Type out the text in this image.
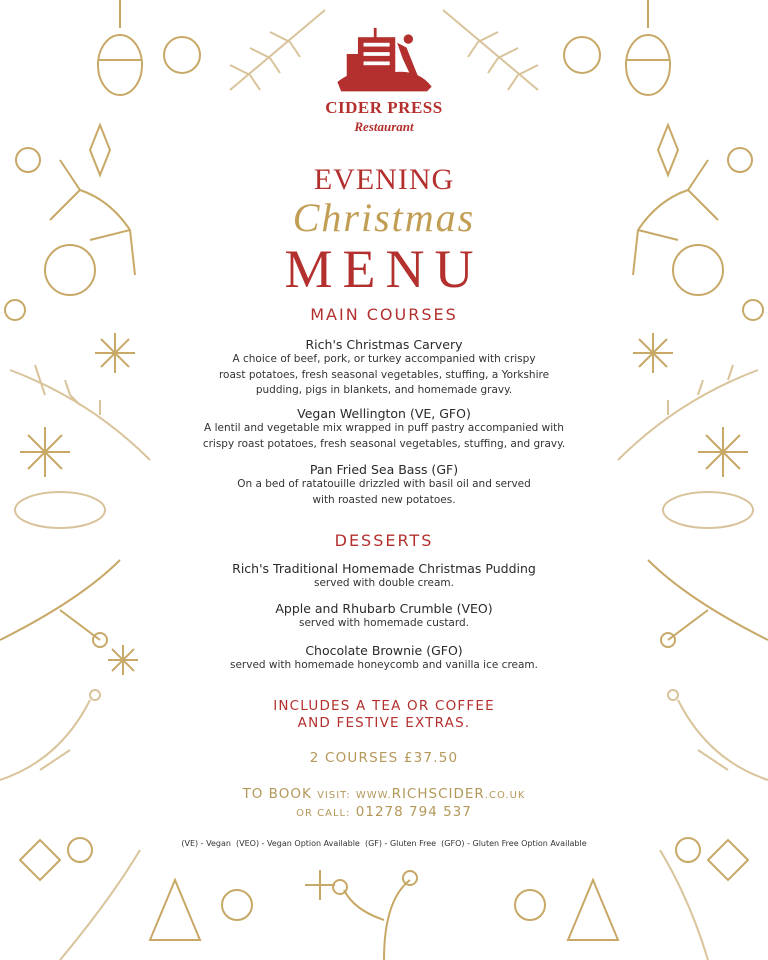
CIDER PRESS
Restaurant
EVENING
Christmas
MENU
MAIN COURSES
Rich's Christmas Carvery
A choice of beef, pork, or turkey accompanied with crispy
roast potatoes, fresh seasonal vegetables, stuffing, a Yorkshire
pudding, pigs in blankets, and homemade gravy.
Vegan Wellington (VE, GFO)
A lentil and vegetable mix wrapped in puff pastry accompanied with
crispy roast potatoes, fresh seasonal vegetables, stuffing, and gravy.
Pan Fried Sea Bass (GF)
On a bed of ratatouille drizzled with basil oil and served
with roasted new potatoes.
DESSERTS
Rich's Traditional Homemade Christmas Pudding
served with double cream.
Apple and Rhubarb Crumble (VEO)
served with homemade custard.
Chocolate Brownie (GFO)
served with homemade honeycomb and vanilla ice cream.
INCLUDES A TEA OR COFFEE
AND FESTIVE EXTRAS.
2 COURSES £37.50
TO BOOK VISIT: WWW.RICHSCIDER.CO.UK
OR CALL: 01278 794 537
(VE) - Vegan  (VEO) - Vegan Option Available  (GF) - Gluten Free  (GFO) - Gluten Free Option Available
